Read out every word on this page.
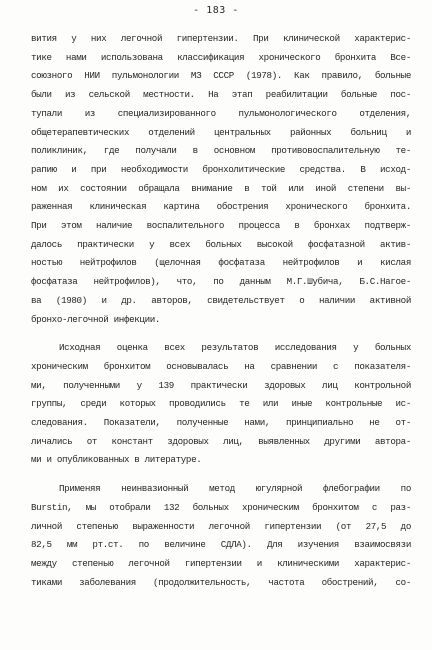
- 183 -
вития у них легочной гипертензии. При клинической характерис-
тике нами использована классификация хронического бронхита Все-
союзного НИИ пульмонологии МЗ СССР (1978). Как правило, больные
были из сельской местности. На этап реабилитации больные пос-
тупали из специализированного пульмонологического отделения,
общетерапевтических отделений центральных районных больниц и
поликлиник, где получали в основном противовоспалительную те-
рапию и при необходимости бронхолитические средства. В исход-
ном их состоянии обращала внимание в той или иной степени вы-
раженная клиническая картина обострения хронического бронхита.
При этом наличие воспалительного процесса в бронхах подтверж-
далось практически у всех больных высокой фосфатазной актив-
ностью нейтрофилов (щелочная фосфатаза нейтрофилов и кислая
фосфатаза нейтрофилов), что, по данным М.Г.Шубича, Б.С.Нагое-
ва (1980) и др. авторов, свидетельствует о наличии активной
бронхо-легочной инфекции.
Исходная оценка всех результатов исследования у больных
хроническим бронхитом основывалась на сравнении с показателя-
ми, полученными у 139 практически здоровых лиц контрольной
группы, среди которых проводились те или иные контрольные ис-
следования. Показатели, полученные нами, принципиально не от-
личались от констант здоровых лиц, выявленных другими автора-
ми и опубликованных в литературе.
Применяя неинвазионный метод югулярной флебографии по
Burstin, мы отобрали 132 больных хроническим бронхитом с раз-
личной степенью выраженности легочной гипертензии (от 27,5 до
82,5 мм рт.ст. по величине СДЛА). Для изучения взаимосвязи
между степенью легочной гипертензии и клиническими характерис-
тиками заболевания (продолжительность, частота обострений, со-
